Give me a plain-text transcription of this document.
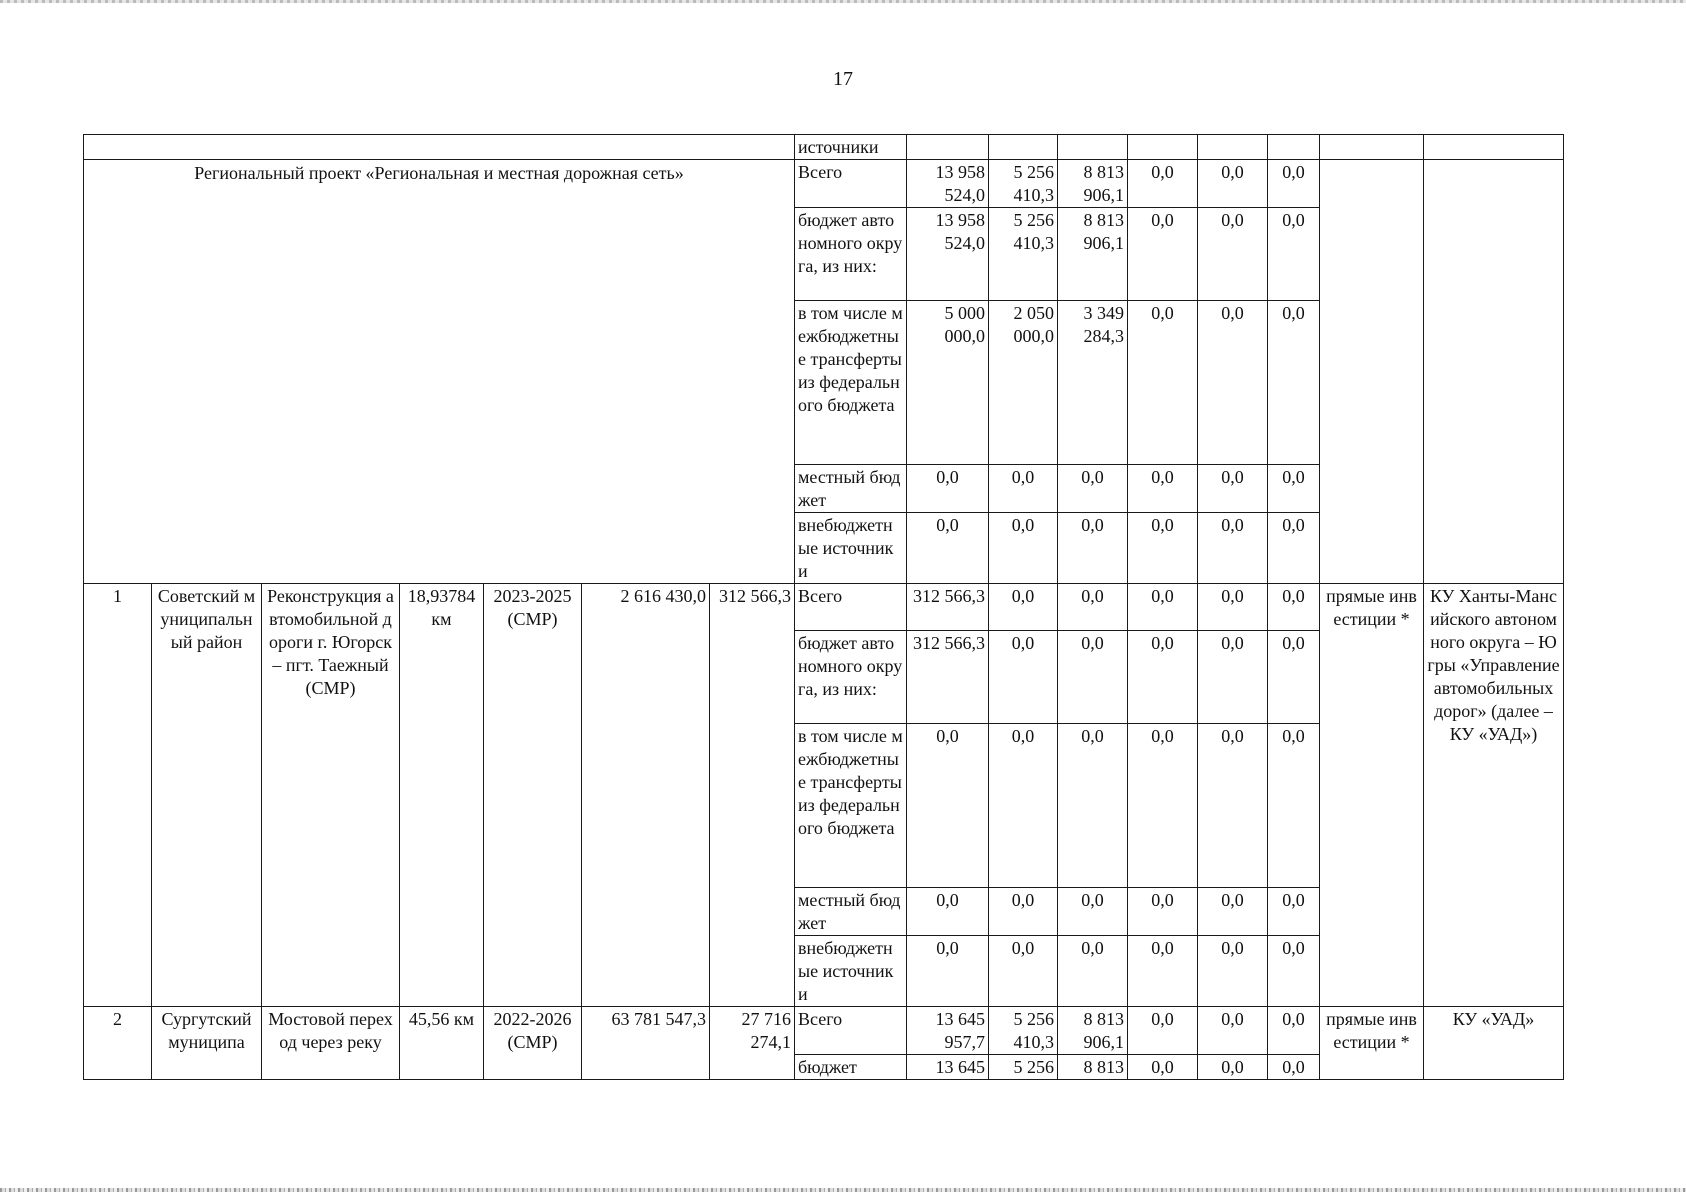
17
							источники								
Региональный проект «Региональная и местная дорожная сеть»							Всего	13 958 524,0	5 256 410,3	8 813 906,1	0,0	0,0	0,0		
							бюджет автономного округа, из них:	13 958 524,0	5 256 410,3	8 813 906,1	0,0	0,0	0,0		
							в том числе межбюджетные трансферты из федерального бюджета	5 000 000,0	2 050 000,0	3 349 284,3	0,0	0,0	0,0		
							местный бюджет	0,0	0,0	0,0	0,0	0,0	0,0		
							внебюджетные источники	0,0	0,0	0,0	0,0	0,0	0,0		
1	Советский муниципальный район	Реконструкция автомобильной дороги г. Югорск – пгт. Таежный (СМР)	18,93784 км	2023-2025 (СМР)	2 616 430,0	312 566,3	Всего	312 566,3	0,0	0,0	0,0	0,0	0,0	прямые инвестиции *	КУ Ханты-Мансийского автономного округа – Югры «Управление автомобильных дорог» (далее – КУ «УАД»)
							бюджет автономного округа, из них:	312 566,3	0,0	0,0	0,0	0,0	0,0		
							в том числе межбюджетные трансферты из федерального бюджета	0,0	0,0	0,0	0,0	0,0	0,0		
							местный бюджет	0,0	0,0	0,0	0,0	0,0	0,0		
							внебюджетные источники	0,0	0,0	0,0	0,0	0,0	0,0		
2	Сургутский муниципа	Мостовой переход через реку	45,56 км	2022-2026 (СМР)	63 781 547,3	27 716 274,1	Всего	13 645 957,7	5 256 410,3	8 813 906,1	0,0	0,0	0,0	прямые инвестиции *	КУ «УАД»
							бюджет	13 645	5 256	8 813	0,0	0,0	0,0		
